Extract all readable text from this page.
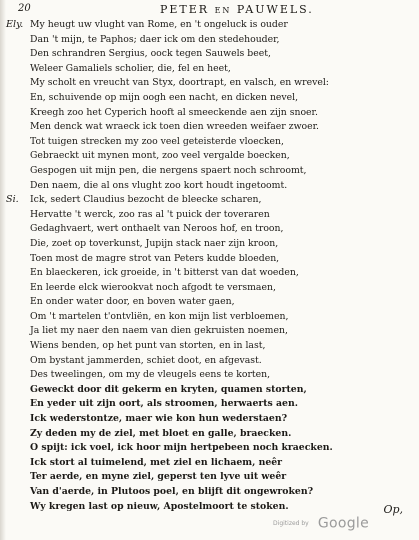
20	PETER en PAUWELS.
Ely. My heugt uw vlught van Rome, en 't ongeluck is ouder
Dan 't mijn, te Paphos; daer ick om den stedehouder,
Den schrandren Sergius, oock tegen Sauwels beet,
Weleer Gamaliels scholier, die, fel en heet,
My scholt en vreucht van Styx, doortrapt, en valsch, en wrevel:
En, schuivende op mijn oogh een nacht, en dicken nevel,
Kreegh zoo het Cyperich hooft al smeeckende aen zijn snoer.
Men denck wat wraeck ick toen dien wreeden weifaer zwoer.
Tot tuigen strecken my zoo veel geteisterde vloecken,
Gebraeckt uit mynen mont, zoo veel vergalde boecken,
Gespogen uit mijn pen, die nergens spaert noch schroomt,
Den naem, die al ons vlught zoo kort houdt ingetoomt.
Si. Ick, sedert Claudius bezocht de bleecke scharen,
Hervatte 't werck, zoo ras al 't puick der toveraren
Gedaghvaert, wert onthaelt van Neroos hof, en troon,
Die, zoet op toverkunst, Jupijn stack naer zijn kroon,
Toen most de magre strot van Peters kudde bloeden,
En blaeckeren, ick groeide, in 't bitterst van dat woeden,
En leerde elck wierookvat noch afgodt te versmaen,
En onder water door, en boven water gaen,
Om 't martelen t'ontvliën, en kon mijn list verbloemen,
Ja liet my naer den naem van dien gekruisten noemen,
Wiens benden, op het punt van storten, en in last,
Om bystant jammerden, schiet doot, en afgevast.
Des tweelingen, om my de vleugels eens te korten,
Geweckt door dit gekerm en kryten, quamen storten,
En yeder uit zijn oort, als stroomen, herwaerts aen.
Ick wederstontze, maer wie kon hun wederstaen?
Zy deden my de ziel, met bloet en galle, braecken.
O spijt: ick voel, ick hoor mijn hertpebeen noch kraecken.
Ick stort al tuimelend, met ziel en lichaem, neêr
Ter aerde, en myne ziel, geperst ten lyve uit weêr
Van d'aerde, in Plutoos poel, en blijft dit ongewroken?
Wy kregen last op nieuw, Apostelmoort te stoken.	Op,
Digitized by Google
